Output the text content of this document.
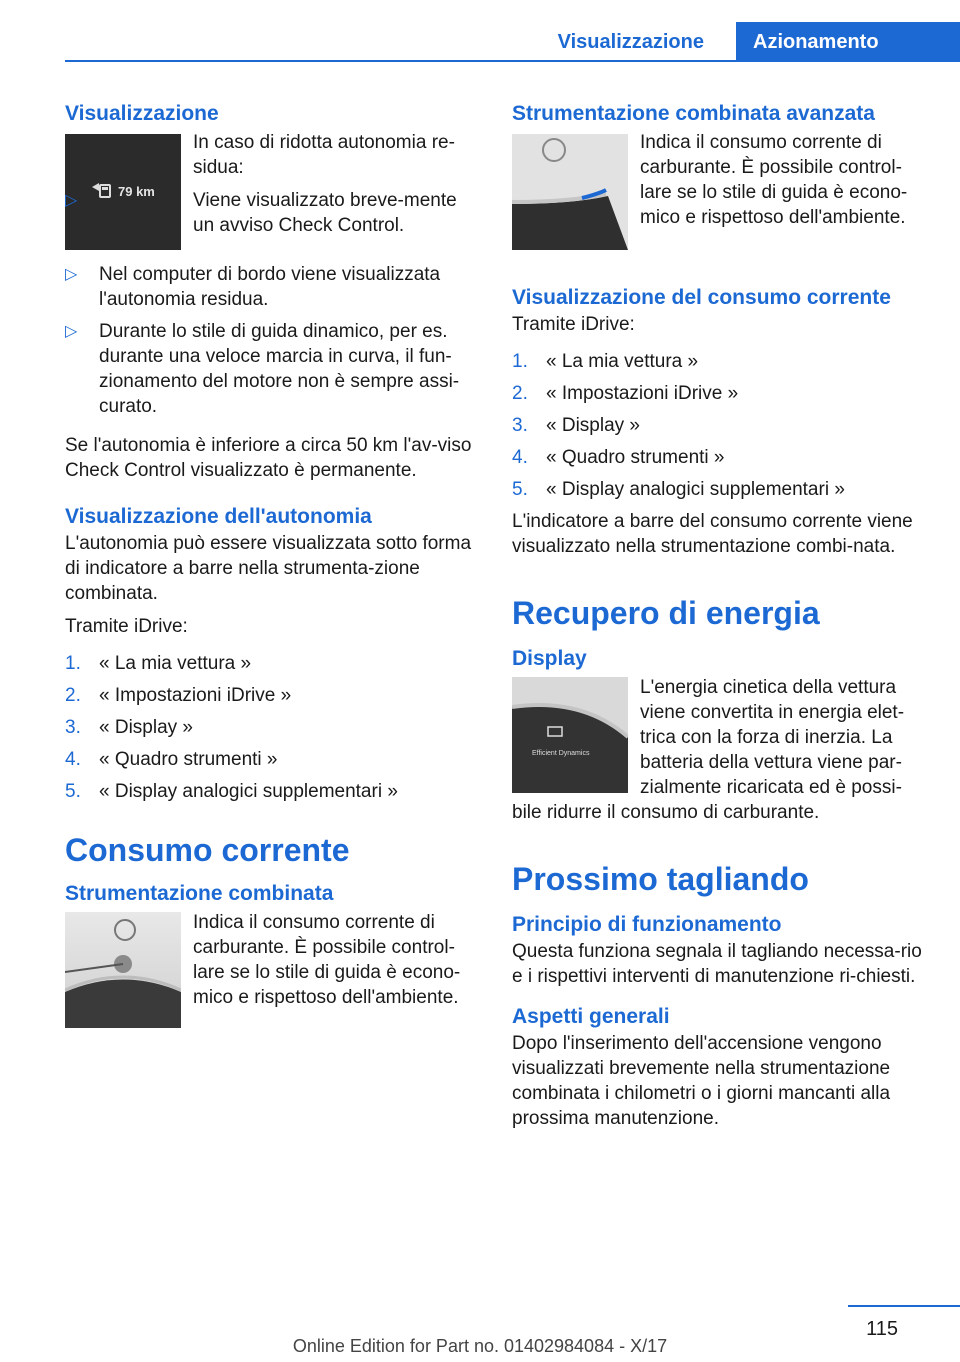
Visualizzazione	Azionamento
Visualizzazione
79 km

In caso di ridotta autonomia re-sidua:

▷	Viene visualizzato breve-mente un avviso Check Control.
▷ Nel computer di bordo viene visualizzata l'autonomia residua.
▷ Durante lo stile di guida dinamico, per es. durante una veloce marcia in curva, il fun-zionamento del motore non è sempre assi-curato.

Se l'autonomia è inferiore a circa 50 km l'av-viso Check Control visualizzato è permanente.

Visualizzazione dell'autonomia

L'autonomia può essere visualizzata sotto forma di indicatore a barre nella strumenta-zione combinata.

Tramite iDrive:

1. « La mia vettura »
2. « Impostazioni iDrive »
3. « Display »
4. « Quadro strumenti »
5. « Display analogici supplementari »
Consumo corrente
Strumentazione combinata

Indica il consumo corrente di carburante. È possibile control-lare se lo stile di guida è econo-mico e rispettoso dell'ambiente.

Strumentazione combinata avanzata

Indica il consumo corrente di carburante. È possibile control-lare se lo stile di guida è econo-mico e rispettoso dell'ambiente.

Visualizzazione del consumo corrente

Tramite iDrive:

1. « La mia vettura »
2. « Impostazioni iDrive »
3. « Display »
4. « Quadro strumenti »
5. « Display analogici supplementari »

L'indicatore a barre del consumo corrente viene visualizzato nella strumentazione combi-nata.

Recupero di energia
Display
Efficient Dynamics

L'energia cinetica della vettura viene convertita in energia elet-trica con la forza di inerzia. La batteria della vettura viene par-zialmente ricaricata ed è possi-bile ridurre il consumo di carburante.

Prossimo tagliando
Principio di funzionamento

Questa funziona segnala il tagliando necessa-rio e i rispettivi interventi di manutenzione ri-chiesti.

Aspetti generali

Dopo l'inserimento dell'accensione vengono visualizzati brevemente nella strumentazione combinata i chilometri o i giorni mancanti alla prossima manutenzione.

115
Online Edition for Part no. 01402984084 - X/17
